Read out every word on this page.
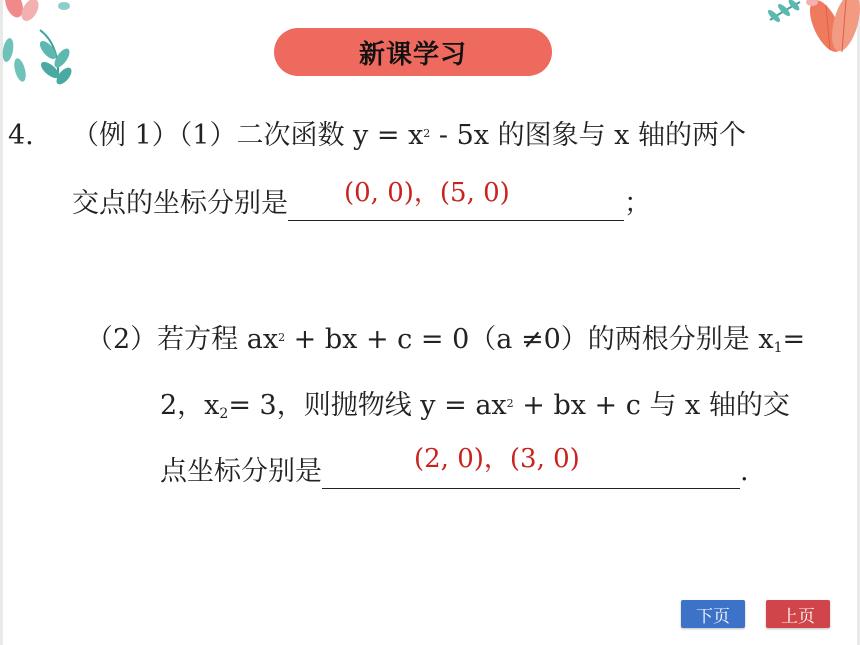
新课学习
4. （例 1）（1）二次函数 $y = x^2 - 5x$ 的图象与 x 轴的两个
交点的坐标分别是 (0, 0)，(5, 0)	；
（2）若方程 $ax^2$ + bx + c = 0（a ≠0）的两根分别是 $x_1=$
2，$x_2= 3$，则抛物线 $y = ax^2$ + bx + c 与 x 轴的交
点坐标分别是	(2, 0)，(3, 0)	.
下页	上页
